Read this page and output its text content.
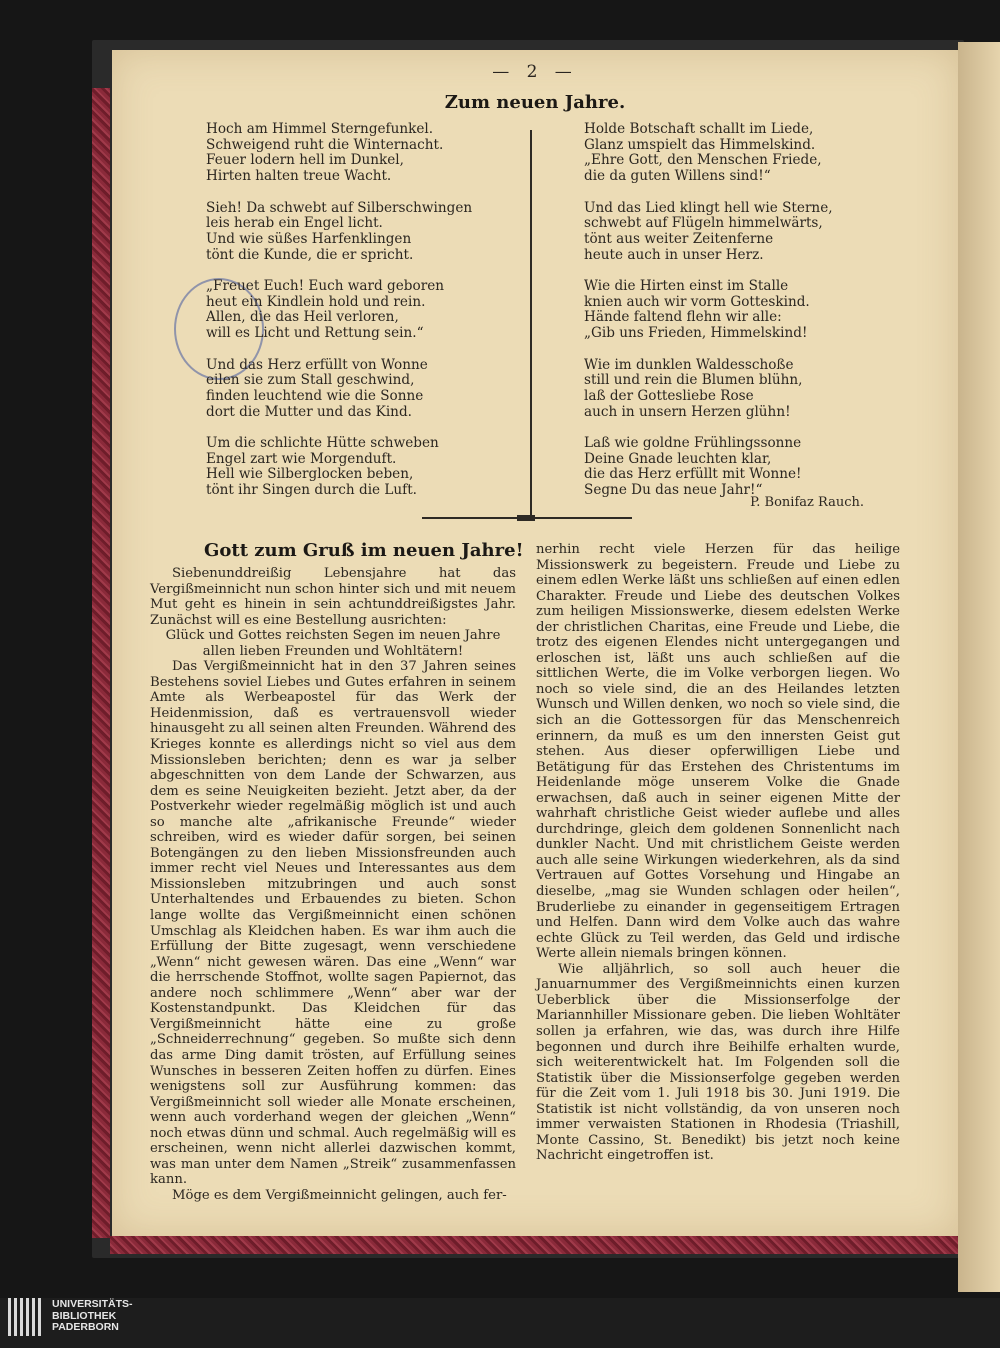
— 2 —
Zum neuen Jahre.
Hoch am Himmel Sterngefunkel.
Schweigend ruht die Winternacht.
Feuer lodern hell im Dunkel,
Hirten halten treue Wacht.

Sieh! Da schwebt auf Silberschwingen
leis herab ein Engel licht.
Und wie süßes Harfenklingen
tönt die Kunde, die er spricht.

„Freuet Euch! Euch ward geboren
heut ein Kindlein hold und rein.
Allen, die das Heil verloren,
will es Licht und Rettung sein.“

Und das Herz erfüllt von Wonne
eilen sie zum Stall geschwind,
finden leuchtend wie die Sonne
dort die Mutter und das Kind.

Um die schlichte Hütte schweben
Engel zart wie Morgenduft.
Hell wie Silberglocken beben,
tönt ihr Singen durch die Luft.
Holde Botschaft schallt im Liede,
Glanz umspielt das Himmelskind.
„Ehre Gott, den Menschen Friede,
die da guten Willens sind!“

Und das Lied klingt hell wie Sterne,
schwebt auf Flügeln himmelwärts,
tönt aus weiter Zeitenferne
heute auch in unser Herz.

Wie die Hirten einst im Stalle
knien auch wir vorm Gotteskind.
Hände faltend flehn wir alle:
„Gib uns Frieden, Himmelskind!

Wie im dunklen Waldesschoße
still und rein die Blumen blühn,
laß der Gottesliebe Rose
auch in unsern Herzen glühn!

Laß wie goldne Frühlingssonne
Deine Gnade leuchten klar,
die das Herz erfüllt mit Wonne!
Segne Du das neue Jahr!“
P. Bonifaz Rauch.
Gott zum Gruß im neuen Jahre!

Siebenunddreißig Lebensjahre hat das Vergißmeinnicht nun schon hinter sich und mit neuem Mut geht es hinein in sein achtunddreißigstes Jahr. Zunächst will es eine Bestellung ausrichten:

Glück und Gottes reichsten Segen im neuen Jahre allen lieben Freunden und Wohltätern!

Das Vergißmeinnicht hat in den 37 Jahren seines Bestehens soviel Liebes und Gutes erfahren in seinem Amte als Werbeapostel für das Werk der Heidenmission, daß es vertrauensvoll wieder hinausgeht zu all seinen alten Freunden. Während des Krieges konnte es allerdings nicht so viel aus dem Missionsleben berichten; denn es war ja selber abgeschnitten von dem Lande der Schwarzen, aus dem es seine Neuigkeiten bezieht. Jetzt aber, da der Postverkehr wieder regelmäßig möglich ist und auch so manche alte „afrikanische Freunde“ wieder schreiben, wird es wieder dafür sorgen, bei seinen Botengängen zu den lieben Missionsfreunden auch immer recht viel Neues und Interessantes aus dem Missionsleben mitzubringen und auch sonst Unterhaltendes und Erbauendes zu bieten. Schon lange wollte das Vergißmeinnicht einen schönen Umschlag als Kleidchen haben. Es war ihm auch die Erfüllung der Bitte zugesagt, wenn verschiedene „Wenn“ nicht gewesen wären. Das eine „Wenn“ war die herrschende Stoffnot, wollte sagen Papiernot, das andere noch schlimmere „Wenn“ aber war der Kostenstandpunkt. Das Kleidchen für das Vergißmeinnicht hätte eine zu große „Schneiderrechnung“ gegeben. So mußte sich denn das arme Ding damit trösten, auf Erfüllung seines Wunsches in besseren Zeiten hoffen zu dürfen. Eines wenigstens soll zur Ausführung kommen: das Vergißmeinnicht soll wieder alle Monate erscheinen, wenn auch vorderhand wegen der gleichen „Wenn“ noch etwas dünn und schmal. Auch regelmäßig will es erscheinen, wenn nicht allerlei dazwischen kommt, was man unter dem Namen „Streik“ zusammenfassen kann.

Möge es dem Vergißmeinnicht gelingen, auch fer-

nerhin recht viele Herzen für das heilige Missionswerk zu begeistern. Freude und Liebe zu einem edlen Werke läßt uns schließen auf einen edlen Charakter. Freude und Liebe des deutschen Volkes zum heiligen Missionswerke, diesem edelsten Werke der christlichen Charitas, eine Freude und Liebe, die trotz des eigenen Elendes nicht untergegangen und erloschen ist, läßt uns auch schließen auf die sittlichen Werte, die im Volke verborgen liegen. Wo noch so viele sind, die an des Heilandes letzten Wunsch und Willen denken, wo noch so viele sind, die sich an die Gottessorgen für das Menschenreich erinnern, da muß es um den innersten Geist gut stehen. Aus dieser opferwilligen Liebe und Betätigung für das Erstehen des Christentums im Heidenlande möge unserem Volke die Gnade erwachsen, daß auch in seiner eigenen Mitte der wahrhaft christliche Geist wieder auflebe und alles durchdringe, gleich dem goldenen Sonnenlicht nach dunkler Nacht. Und mit christlichem Geiste werden auch alle seine Wirkungen wiederkehren, als da sind Vertrauen auf Gottes Vorsehung und Hingabe an dieselbe, „mag sie Wunden schlagen oder heilen“, Bruderliebe zu einander in gegenseitigem Ertragen und Helfen. Dann wird dem Volke auch das wahre echte Glück zu Teil werden, das Geld und irdische Werte allein niemals bringen können.

Wie alljährlich, so soll auch heuer die Januarnummer des Vergißmeinnichts einen kurzen Ueberblick über die Missionserfolge der Mariannhiller Missionare geben. Die lieben Wohltäter sollen ja erfahren, wie das, was durch ihre Hilfe begonnen und durch ihre Beihilfe erhalten wurde, sich weiterentwickelt hat. Im Folgenden soll die Statistik über die Missionserfolge gegeben werden für die Zeit vom 1. Juli 1918 bis 30. Juni 1919. Die Statistik ist nicht vollständig, da von unseren noch immer verwaisten Stationen in Rhodesia (Triashill, Monte Cassino, St. Benedikt) bis jetzt noch keine Nachricht eingetroffen ist.

UNIVERSITÄTS-
BIBLIOTHEK
PADERBORN
